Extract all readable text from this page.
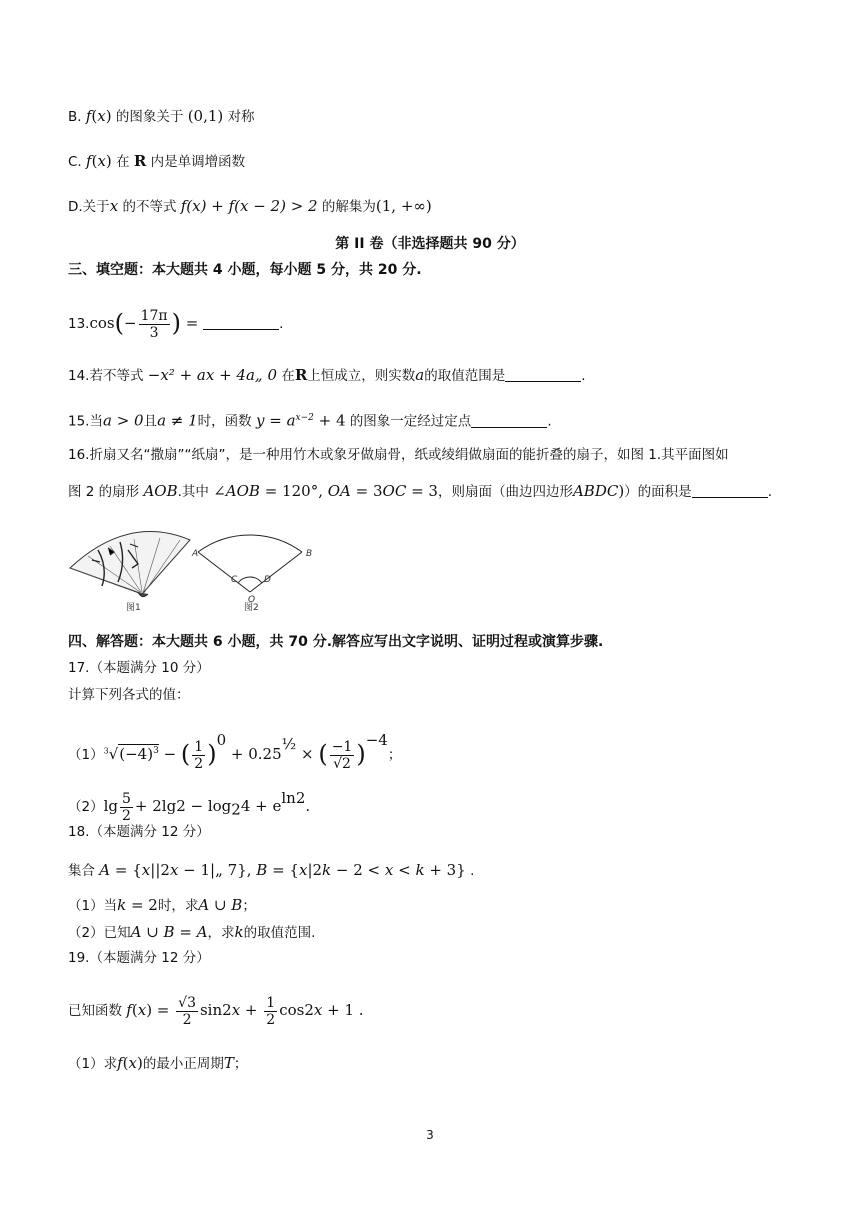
B. f(x) 的图象关于 (0,1) 对称
C. f(x) 在 R 内是单调增函数
D.关于x 的不等式 f(x) + f(x − 2) > 2 的解集为(1, +∞)
第 II 卷（非选择题共 90 分）
三、填空题：本大题共 4 小题，每小题 5 分，共 20 分.
$13.\cos(- \frac{17\pi}{3}$ ) =	.
14.若不等式 −x² + ax + 4a„ 0 在R上恒成立，则实数a的取值范围是	.
15.当a > 0且a ≠ 1时，函数 $y = a^{x-2} + 4$ 的图象一定经过定点	.
16.折扇又名“撒扇”“纸扇”，是一种用竹木或象牙做扇骨，纸或绫绢做扇面的能折叠的扇子，如图 1.其平面图如
图 2 的扇形 AOB.其中 ∠AOB = 120°, OA = 3OC = 3，则扇面（曲边四边形ABDC)）的面积是	.
图1
A	B
C	D
O
图2
四、解答题：本大题共 6 小题，共 70 分.解答应写出文字说明、证明过程或演算步骤.
17.（本题满分 10 分）
计算下列各式的值：
$(1)^3√(-4)^3$ − ( $\frac{1}{2} )^0 + 0.25^{\frac{1}{2}}$ × ( $\frac{-1}{√2} )^{-4}$；
$(2)\lg \frac{5}{2} + 2\lg 2 - \log_24 + e^{ln2}$.
18.（本题满分 12 分）
集合 A = {x||2x − 1|„ 7}, B = {x|2k − 2 < x < k + 3} .
（1）当k = 2时，求A ∪ B；
（2）已知A ∪ B = A，求k的取值范围.
19.（本题满分 12 分）
已知函数 $f(x) = \frac{√3}{2} \sin 2x + \frac{1}{2} \cos 2x + 1$ .
（1）求f(x)的最小正周期T；
3
